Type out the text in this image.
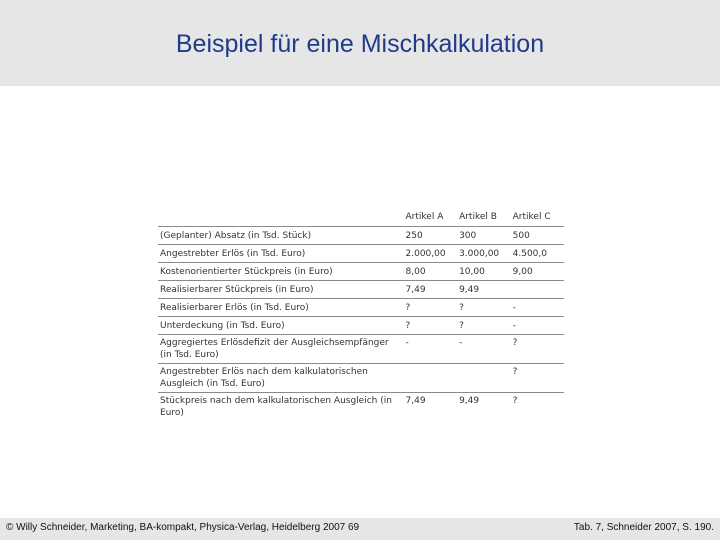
Beispiel für eine Mischkalkulation
	Artikel A	Artikel B	Artikel C
(Geplanter) Absatz (in Tsd. Stück)	250	300	500
Angestrebter Erlös (in Tsd. Euro)	2.000,00	3.000,00	4.500,0
Kostenorientierter Stückpreis (in Euro)	8,00	10,00	9,00
Realisierbarer Stückpreis (in Euro)	7,49	9,49	
Realisierbarer Erlös (in Tsd. Euro)	?	?	-
Unterdeckung (in Tsd. Euro)	?	?	-
Aggregiertes Erlösdefizit der Ausgleichsempfänger (in Tsd. Euro)	-	-	?
Angestrebter Erlös nach dem kalkulatorischen Ausgleich (in Tsd. Euro)			?
Stückpreis nach dem kalkulatorischen Ausgleich (in Euro)	7,49	9,49	?
© Willy Schneider, Marketing, BA-kompakt, Physica-Verlag, Heidelberg 2007 69	Tab. 7, Schneider 2007, S. 190.
